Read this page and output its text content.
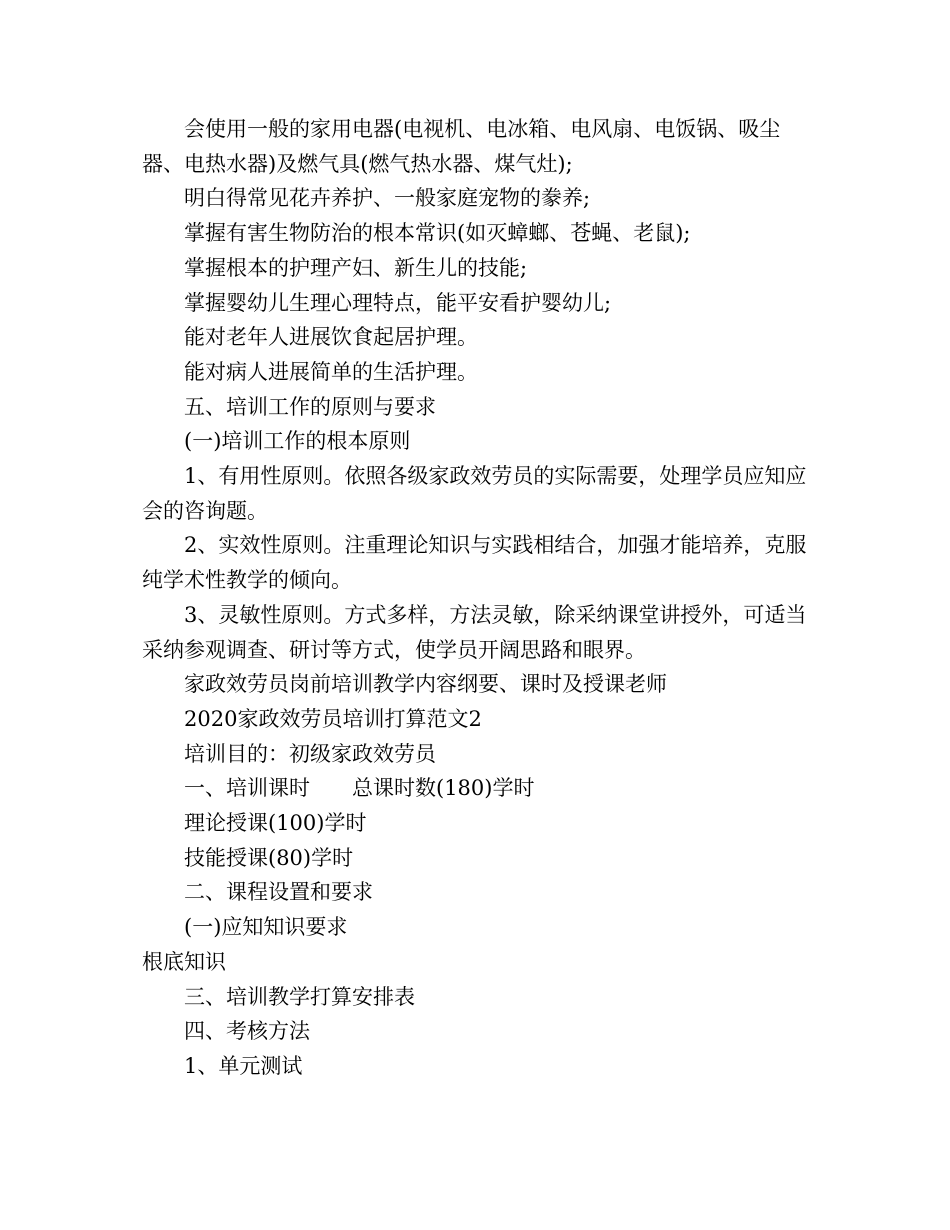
会使用一般的家用电器(电视机、电冰箱、电风扇、电饭锅、吸尘器、电热水器)及燃气具(燃气热水器、煤气灶);

明白得常见花卉养护、一般家庭宠物的豢养;

掌握有害生物防治的根本常识(如灭蟑螂、苍蝇、老鼠);

掌握根本的护理产妇、新生儿的技能;

掌握婴幼儿生理心理特点，能平安看护婴幼儿;

能对老年人进展饮食起居护理。

能对病人进展简单的生活护理。

五、培训工作的原则与要求

(一)培训工作的根本原则

1、有用性原则。依照各级家政效劳员的实际需要，处理学员应知应会的咨询题。

2、实效性原则。注重理论知识与实践相结合，加强才能培养，克服纯学术性教学的倾向。

3、灵敏性原则。方式多样，方法灵敏，除采纳课堂讲授外，可适当采纳参观调查、研讨等方式，使学员开阔思路和眼界。

家政效劳员岗前培训教学内容纲要、课时及授课老师

2020家政效劳员培训打算范文2

培训目的：初级家政效劳员

一、培训课时 总课时数(180)学时

理论授课(100)学时

技能授课(80)学时

二、课程设置和要求

(一)应知知识要求

根底知识

三、培训教学打算安排表

四、考核方法

1、单元测试
